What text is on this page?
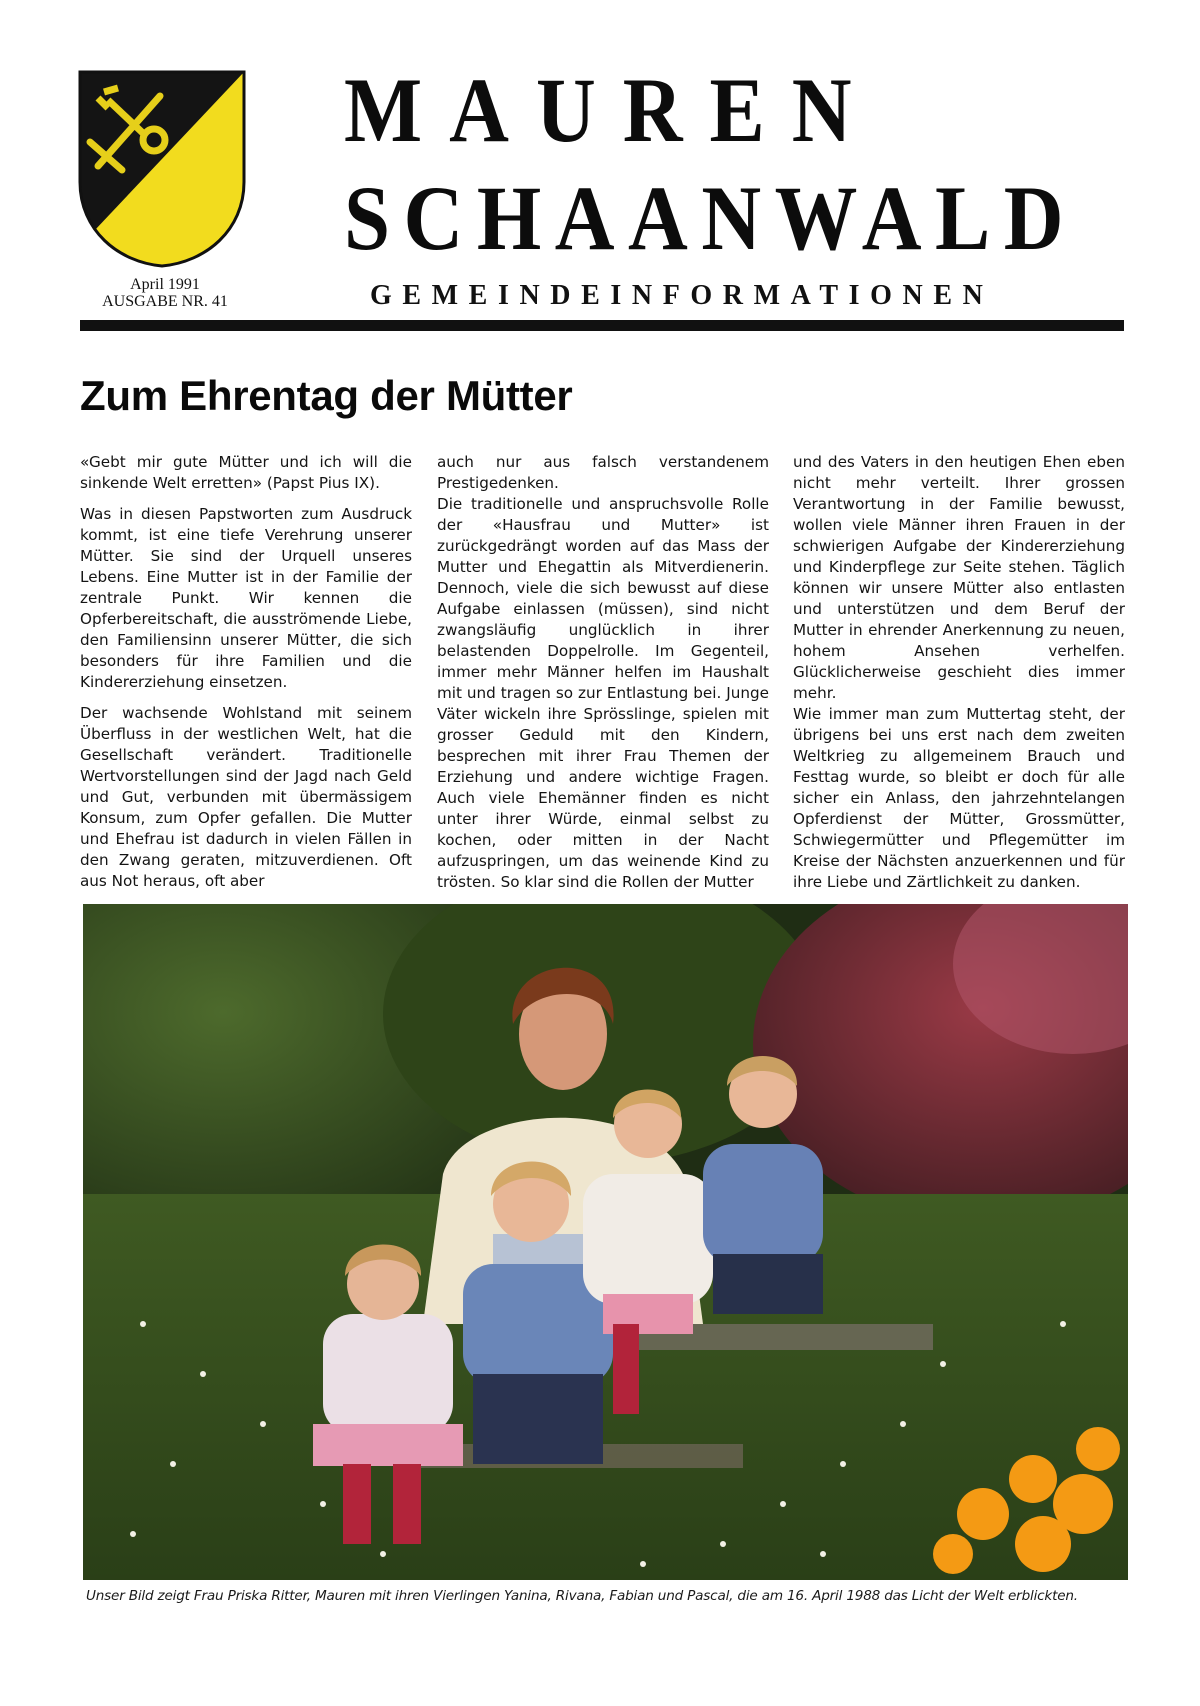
April 1991
AUSGABE NR. 41
MAUREN
SCHAANWALD
GEMEINDEINFORMATIONEN
Zum Ehrentag der Mütter

«Gebt mir gute Mütter und ich will die sinkende Welt erretten» (Papst Pius IX).

Was in diesen Papstworten zum Ausdruck kommt, ist eine tiefe Verehrung unserer Mütter. Sie sind der Urquell unseres Lebens. Eine Mutter ist in der Familie der zentrale Punkt. Wir kennen die Opferbereitschaft, die ausströmende Liebe, den Familiensinn unserer Mütter, die sich besonders für ihre Familien und die Kindererziehung einsetzen.

Der wachsende Wohlstand mit seinem Überfluss in der westlichen Welt, hat die Gesellschaft verändert. Traditionelle Wertvorstellungen sind der Jagd nach Geld und Gut, verbunden mit übermässigem Konsum, zum Opfer gefallen. Die Mutter und Ehefrau ist dadurch in vielen Fällen in den Zwang geraten, mitzuverdienen. Oft aus Not heraus, oft aber

auch nur aus falsch verstandenem Prestigedenken.

Die traditionelle und anspruchsvolle Rolle der «Hausfrau und Mutter» ist zurückgedrängt worden auf das Mass der Mutter und Ehegattin als Mitverdienerin. Dennoch, viele die sich bewusst auf diese Aufgabe einlassen (müssen), sind nicht zwangsläufig unglücklich in ihrer belastenden Doppelrolle. Im Gegenteil, immer mehr Männer helfen im Haushalt mit und tragen so zur Entlastung bei. Junge Väter wickeln ihre Sprösslinge, spielen mit grosser Geduld mit den Kindern, besprechen mit ihrer Frau Themen der Erziehung und andere wichtige Fragen. Auch viele Ehemänner finden es nicht unter ihrer Würde, einmal selbst zu kochen, oder mitten in der Nacht aufzuspringen, um das weinende Kind zu trösten. So klar sind die Rollen der Mutter

und des Vaters in den heutigen Ehen eben nicht mehr verteilt. Ihrer grossen Verantwortung in der Familie bewusst, wollen viele Männer ihren Frauen in der schwierigen Aufgabe der Kindererziehung und Kinderpflege zur Seite stehen. Täglich können wir unsere Mütter also entlasten und unterstützen und dem Beruf der Mutter in ehrender Anerkennung zu neuen, hohem Ansehen verhelfen. Glücklicherweise geschieht dies immer mehr.

Wie immer man zum Muttertag steht, der übrigens bei uns erst nach dem zweiten Weltkrieg zu allgemeinem Brauch und Festtag wurde, so bleibt er doch für alle sicher ein Anlass, den jahrzehntelangen Opferdienst der Mütter, Grossmütter, Schwiegermütter und Pflegemütter im Kreise der Nächsten anzuerkennen und für ihre Liebe und Zärtlichkeit zu danken.

Unser Bild zeigt Frau Priska Ritter, Mauren mit ihren Vierlingen Yanina, Rivana, Fabian und Pascal, die am 16. April 1988 das Licht der Welt erblickten.
